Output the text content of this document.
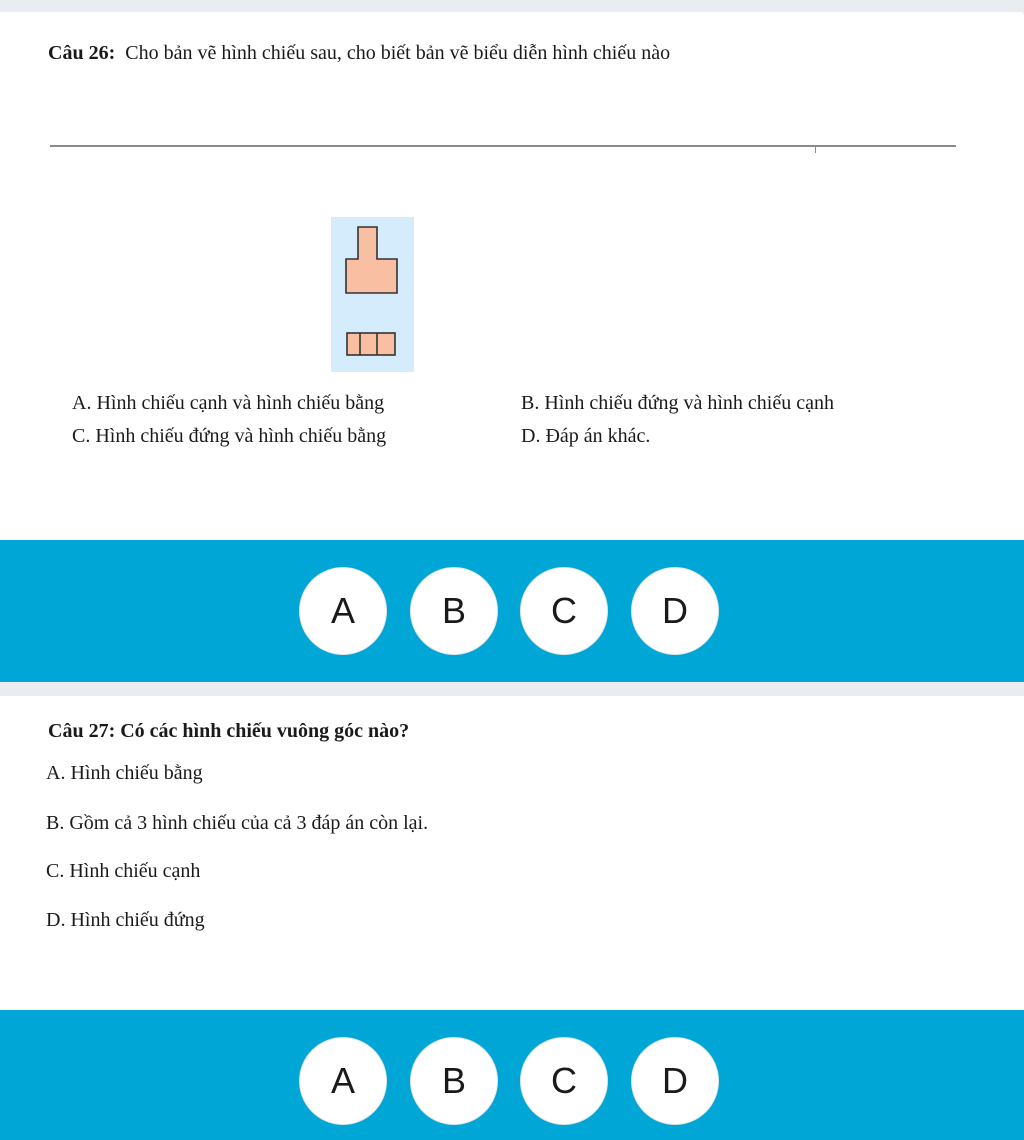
Câu 26: Cho bản vẽ hình chiếu sau, cho biết bản vẽ biểu diễn hình chiếu nào
A. Hình chiếu cạnh và hình chiếu bằng	B. Hình chiếu đứng và hình chiếu cạnh
C. Hình chiếu đứng và hình chiếu bằng	D. Đáp án khác.
A	B	C	D
Câu 27: Có các hình chiếu vuông góc nào?
A. Hình chiếu bằng
B. Gồm cả 3 hình chiếu của cả 3 đáp án còn lại.
C. Hình chiếu cạnh
D. Hình chiếu đứng
A	B	C	D
